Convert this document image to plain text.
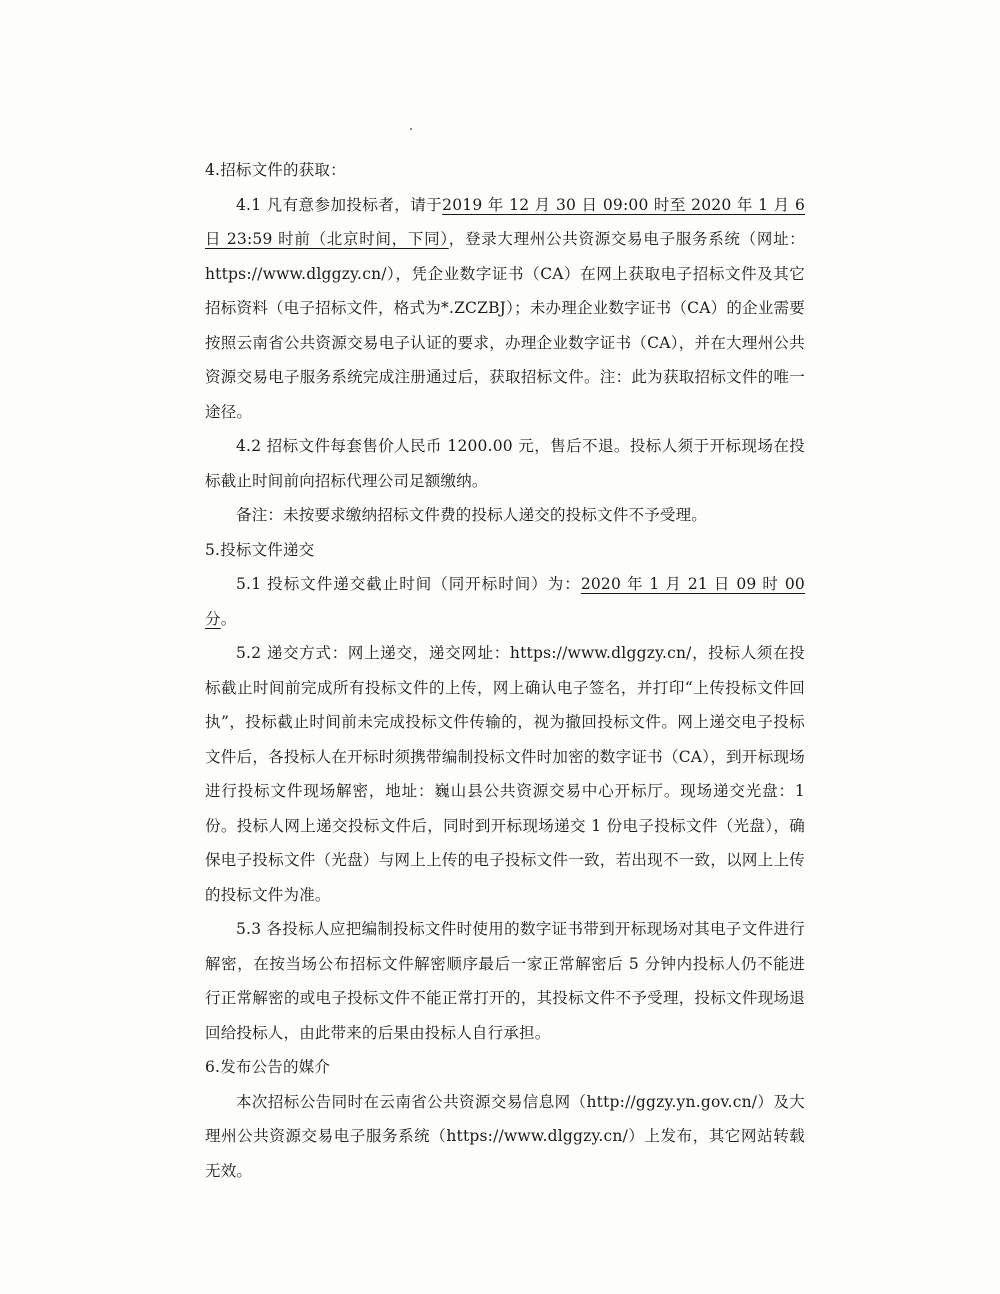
4.招标文件的获取：

4.1 凡有意参加投标者，请于2019 年 12 月 30 日 09:00 时至 2020 年 1 月 6 日 23:59 时前（北京时间，下同），登录大理州公共资源交易电子服务系统（网址：https://www.dlggzy.cn/），凭企业数字证书（CA）在网上获取电子招标文件及其它招标资料（电子招标文件，格式为*.ZCZBJ）；未办理企业数字证书（CA）的企业需要按照云南省公共资源交易电子认证的要求，办理企业数字证书（CA），并在大理州公共资源交易电子服务系统完成注册通过后，获取招标文件。注：此为获取招标文件的唯一途径。

4.2 招标文件每套售价人民币 1200.00 元，售后不退。投标人须于开标现场在投标截止时间前向招标代理公司足额缴纳。

备注：未按要求缴纳招标文件费的投标人递交的投标文件不予受理。

5.投标文件递交

5.1 投标文件递交截止时间（同开标时间）为：2020 年 1 月 21 日 09 时 00 分。

5.2 递交方式：网上递交，递交网址：https://www.dlggzy.cn/，投标人须在投标截止时间前完成所有投标文件的上传，网上确认电子签名，并打印“上传投标文件回执”，投标截止时间前未完成投标文件传输的，视为撤回投标文件。网上递交电子投标文件后，各投标人在开标时须携带编制投标文件时加密的数字证书（CA），到开标现场进行投标文件现场解密，地址：巍山县公共资源交易中心开标厅。现场递交光盘：1 份。投标人网上递交投标文件后，同时到开标现场递交 1 份电子投标文件（光盘），确保电子投标文件（光盘）与网上上传的电子投标文件一致，若出现不一致，以网上上传的投标文件为准。

5.3 各投标人应把编制投标文件时使用的数字证书带到开标现场对其电子文件进行解密，在按当场公布招标文件解密顺序最后一家正常解密后 5 分钟内投标人仍不能进行正常解密的或电子投标文件不能正常打开的，其投标文件不予受理，投标文件现场退回给投标人，由此带来的后果由投标人自行承担。

6.发布公告的媒介

本次招标公告同时在云南省公共资源交易信息网（http://ggzy.yn.gov.cn/）及大理州公共资源交易电子服务系统（https://www.dlggzy.cn/）上发布，其它网站转载无效。
